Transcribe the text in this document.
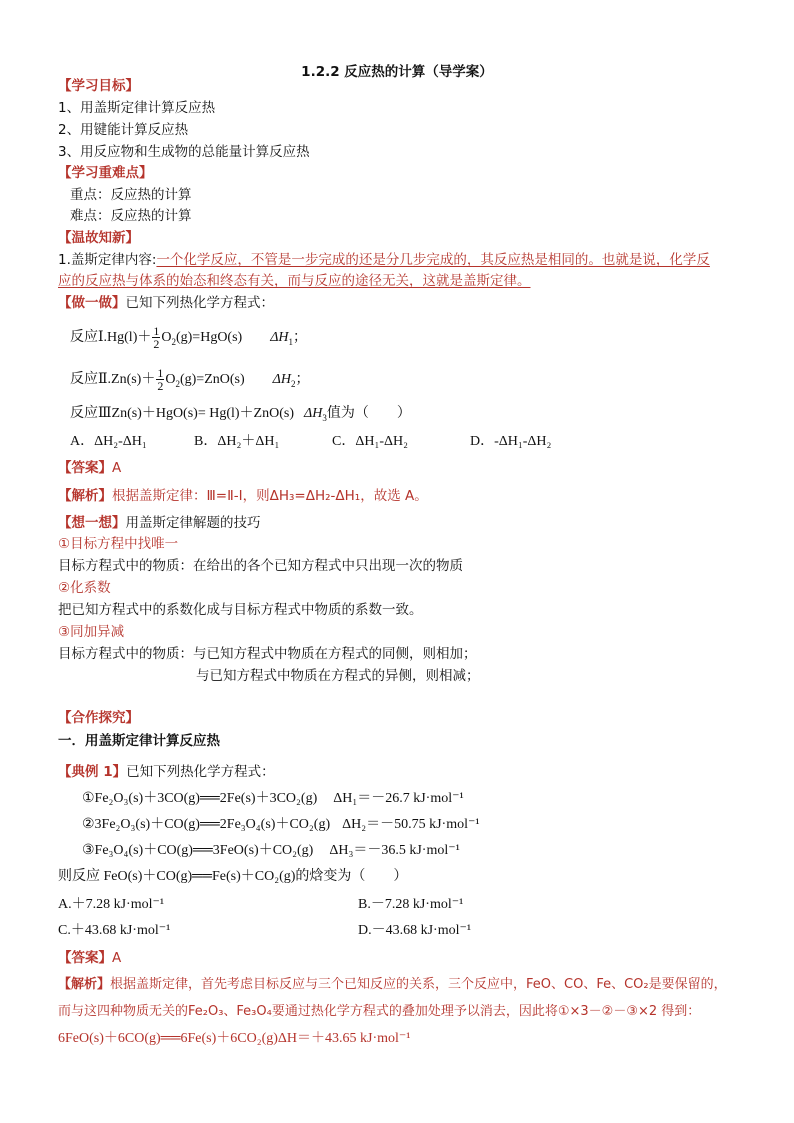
1.2.2 反应热的计算（导学案）
【学习目标】
1、用盖斯定律计算反应热
2、用键能计算反应热
3、用反应物和生成物的总能量计算反应热
【学习重难点】
重点：反应热的计算
难点：反应热的计算
【温故知新】
1.盖斯定律内容:一个化学反应，不管是一步完成的还是分几步完成的，其反应热是相同的。也就是说，化学反
应的反应热与体系的始态和终态有关，而与反应的途径无关，这就是盖斯定律。
【做一做】已知下列热化学方程式：
反应Ⅰ.Hg(l)＋ $\frac{1}{2} O_2(g)=HgO(s)$ $\Delta H_1$；
反应Ⅱ.Zn(s)＋ $\frac{1}{2} O_2(g)=ZnO(s)$ $\Delta H_2$；
反应ⅢZn(s)＋HgO(s)= Hg(l)＋ZnO(s) $\Delta H_3$值为（　　）
A．ΔH₂-ΔH₁	B．ΔH₂＋ΔH₁	C．ΔH₁-ΔH₂	D．-ΔH₁-ΔH₂
【答案】A
【解析】根据盖斯定律：Ⅲ=Ⅱ-Ⅰ，则ΔH₃=ΔH₂-ΔH₁，故选 A。
【想一想】用盖斯定律解题的技巧
①目标方程中找唯一
目标方程式中的物质：在给出的各个已知方程式中只出现一次的物质
②化系数
把已知方程式中的系数化成与目标方程式中物质的系数一致。
③同加异减
目标方程式中的物质：与已知方程式中物质在方程式的同侧，则相加；
与已知方程式中物质在方程式的异侧，则相减；
【合作探究】
一．用盖斯定律计算反应热
【典例 1】已知下列热化学方程式：
①Fe₂O₃(s)＋3CO(g)══2Fe(s)＋3CO₂(g) ΔH₁＝－26.7 kJ·mol⁻¹
②3Fe₂O₃(s)＋CO(g)══2Fe₃O₄(s)＋CO₂(g) ΔH₂＝－50.75 kJ·mol⁻¹
③Fe₃O₄(s)＋CO(g)══3FeO(s)＋CO₂(g) ΔH₃＝－36.5 kJ·mol⁻¹
则反应 FeO(s)＋CO(g)══Fe(s)＋CO₂(g)的焓变为（　　）
A.＋7.28 kJ·mol⁻¹	B.－7.28 kJ·mol⁻¹
C.＋43.68 kJ·mol⁻¹	D.－43.68 kJ·mol⁻¹
【答案】A
【解析】根据盖斯定律，首先考虑目标反应与三个已知反应的关系，三个反应中，FeO、CO、Fe、CO₂是要保留的，
而与这四种物质无关的Fe₂O₃、Fe₃O₄要通过热化学方程式的叠加处理予以消去，因此将①×3－②－③×2 得到：
6FeO(s)＋6CO(g)══6Fe(s)＋6CO₂(g)ΔH＝＋43.65 kJ·mol⁻¹
